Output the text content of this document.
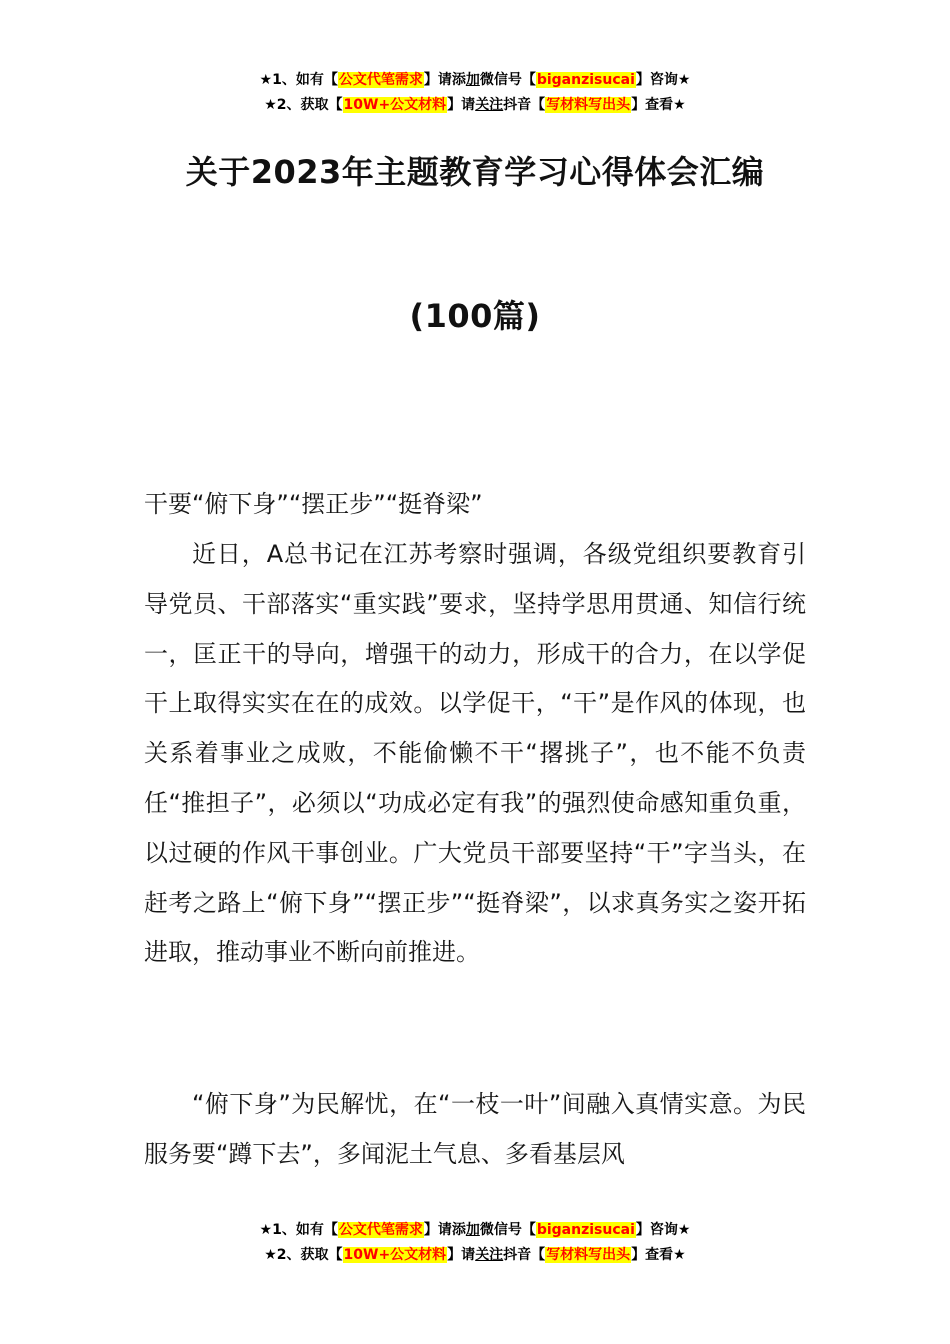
★1、如有【公文代笔需求】请添加微信号【biganzisucai】咨询★
★2、获取【10W+公文材料】请关注抖音【写材料写出头】查看★
关于2023年主题教育学习心得体会汇编
(100篇)

干要“俯下身”“摆正步”“挺脊梁”

近日，A总书记在江苏考察时强调，各级党组织要教育引导党员、干部落实“重实践”要求，坚持学思用贯通、知信行统一，匡正干的导向，增强干的动力，形成干的合力，在以学促干上取得实实在在的成效。以学促干，“干”是作风的体现，也关系着事业之成败，不能偷懒不干“撂挑子”，也不能不负责任“推担子”，必须以“功成必定有我”的强烈使命感知重负重，以过硬的作风干事创业。广大党员干部要坚持“干”字当头，在赶考之路上“俯下身”“摆正步”“挺脊梁”，以求真务实之姿开拓进取，推动事业不断向前推进。

“俯下身”为民解忧，在“一枝一叶”间融入真情实意。为民服务要“蹲下去”，多闻泥土气息、多看基层风

★1、如有【公文代笔需求】请添加微信号【biganzisucai】咨询★
★2、获取【10W+公文材料】请关注抖音【写材料写出头】查看★
